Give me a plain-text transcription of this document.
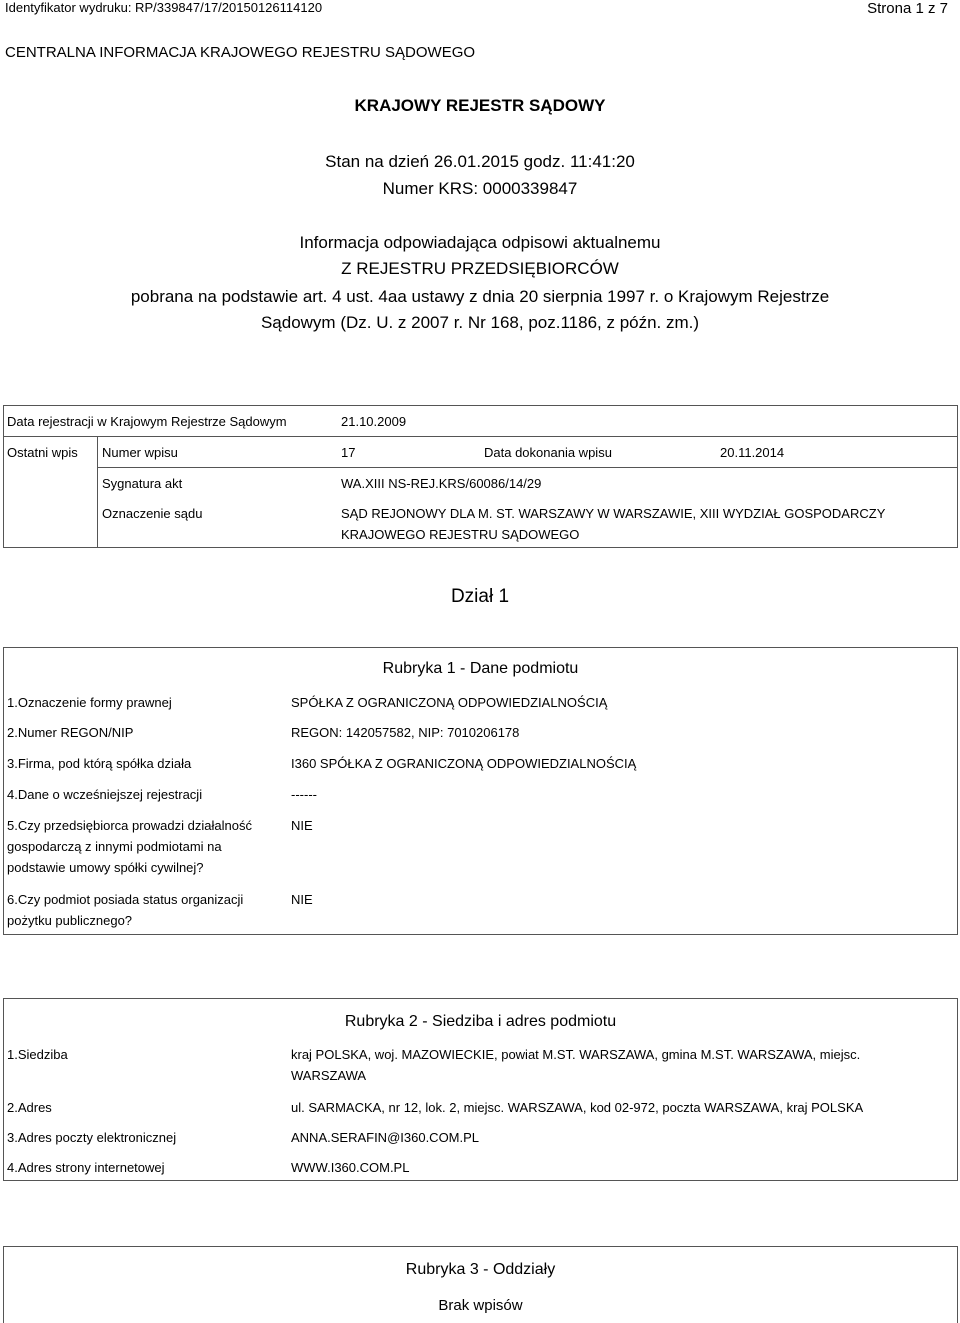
Identyfikator wydruku: RP/339847/17/20150126114120	Strona 1 z 7
CENTRALNA INFORMACJA KRAJOWEGO REJESTRU SĄDOWEGO
KRAJOWY REJESTR SĄDOWY
Stan na dzień 26.01.2015 godz. 11:41:20
Numer KRS: 0000339847
Informacja odpowiadająca odpisowi aktualnemu
Z REJESTRU PRZEDSIĘBIORCÓW
pobrana na podstawie art. 4 ust. 4aa ustawy z dnia 20 sierpnia 1997 r. o Krajowym Rejestrze
Sądowym (Dz. U. z 2007 r. Nr 168, poz.1186, z późn. zm.)
Data rejestracji w Krajowym Rejestrze Sądowym	21.10.2009
Ostatni wpis Numer wpisu	17	Data dokonania wpisu	20.11.2014
Sygnatura akt	WA.XIII NS-REJ.KRS/60086/14/29
Oznaczenie sądu	SĄD REJONOWY DLA M. ST. WARSZAWY W WARSZAWIE, XIII WYDZIAŁ GOSPODARCZY
KRAJOWEGO REJESTRU SĄDOWEGO
Dział 1
Rubryka 1 - Dane podmiotu
1.Oznaczenie formy prawnej	SPÓŁKA Z OGRANICZONĄ ODPOWIEDZIALNOŚCIĄ
2.Numer REGON/NIP	REGON: 142057582, NIP: 7010206178
3.Firma, pod którą spółka działa	I360 SPÓŁKA Z OGRANICZONĄ ODPOWIEDZIALNOŚCIĄ
4.Dane o wcześniejszej rejestracji	------
5.Czy przedsiębiorca prowadzi działalność
gospodarczą z innymi podmiotami na
podstawie umowy spółki cywilnej?
NIE
6.Czy podmiot posiada status organizacji
pożytku publicznego?
NIE
Rubryka 2 - Siedziba i adres podmiotu
1.Siedziba	kraj POLSKA, woj. MAZOWIECKIE, powiat M.ST. WARSZAWA, gmina M.ST. WARSZAWA, miejsc.
WARSZAWA
2.Adres	ul. SARMACKA, nr 12, lok. 2, miejsc. WARSZAWA, kod 02-972, poczta WARSZAWA, kraj POLSKA
3.Adres poczty elektronicznej	ANNA.SERAFIN@I360.COM.PL
4.Adres strony internetowej	WWW.I360.COM.PL
Rubryka 3 - Oddziały
Brak wpisów
